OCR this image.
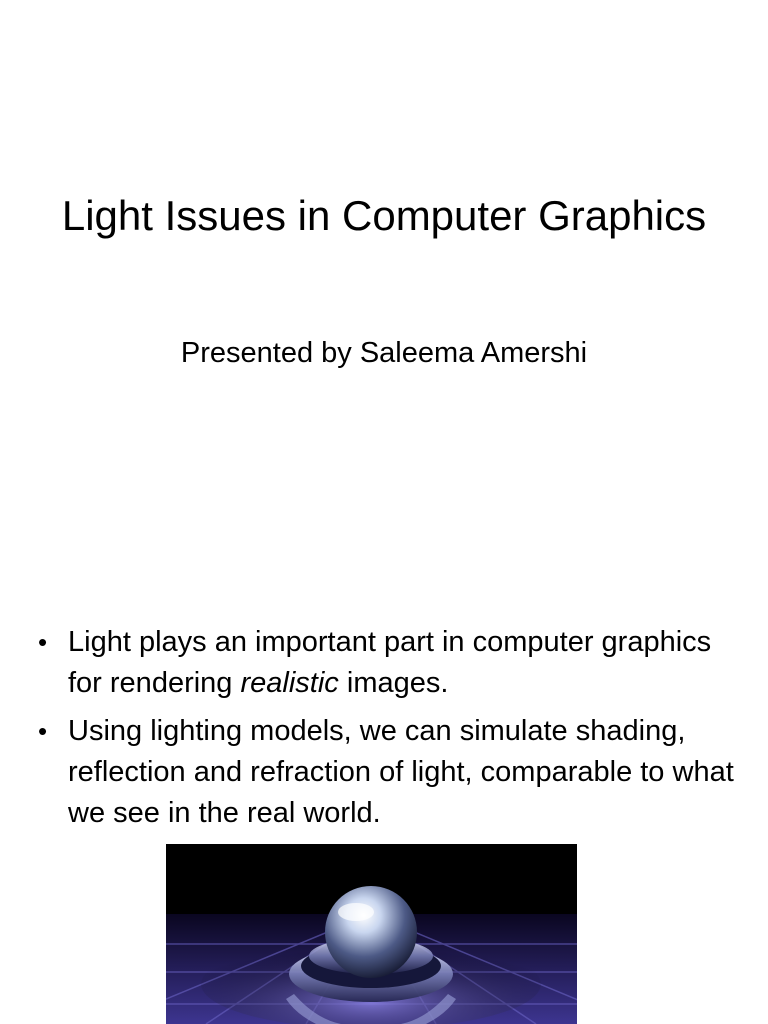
Light Issues in Computer Graphics

Presented by Saleema Amershi

• Light plays an important part in computer graphics for rendering realistic images.
• Using lighting models, we can simulate shading, reflection and refraction of light, comparable to what we see in the real world.
